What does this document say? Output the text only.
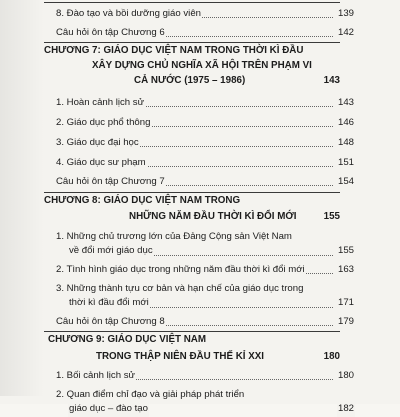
8. Đào tạo và bồi dưỡng giáo viên	139
Câu hỏi ôn tập Chương 6	142
CHƯƠNG 7: GIÁO DỤC VIỆT NAM TRONG THỜI KÌ ĐẦU
XÂY DỰNG CHỦ NGHĨA XÃ HỘI TRÊN PHẠM VI
CẢ NƯỚC (1975 – 1986)	143
1. Hoàn cảnh lịch sử	143
2. Giáo dục phổ thông	146
3. Giáo dục đại học	148
4. Giáo dục sư phạm	151
Câu hỏi ôn tập Chương 7	154
CHƯƠNG 8: GIÁO DỤC VIỆT NAM TRONG
NHỮNG NĂM ĐẦU THỜI KÌ ĐỔI MỚI	155
1. Những chủ trương lớn của Đảng Cộng sản Việt Nam
về đổi mới giáo dục	155
2. Tình hình giáo dục trong những năm đầu thời kì đổi mới	163
3. Những thành tựu cơ bản và hạn chế của giáo dục trong
thời kì đầu đổi mới	171
Câu hỏi ôn tập Chương 8	179
CHƯƠNG 9: GIÁO DỤC VIỆT NAM
TRONG THẬP NIÊN ĐẦU THẾ KỈ XXI	180
1. Bối cảnh lịch sử	180
2. Quan điểm chỉ đạo và giải pháp phát triển
giáo dục – đào tạo	182
